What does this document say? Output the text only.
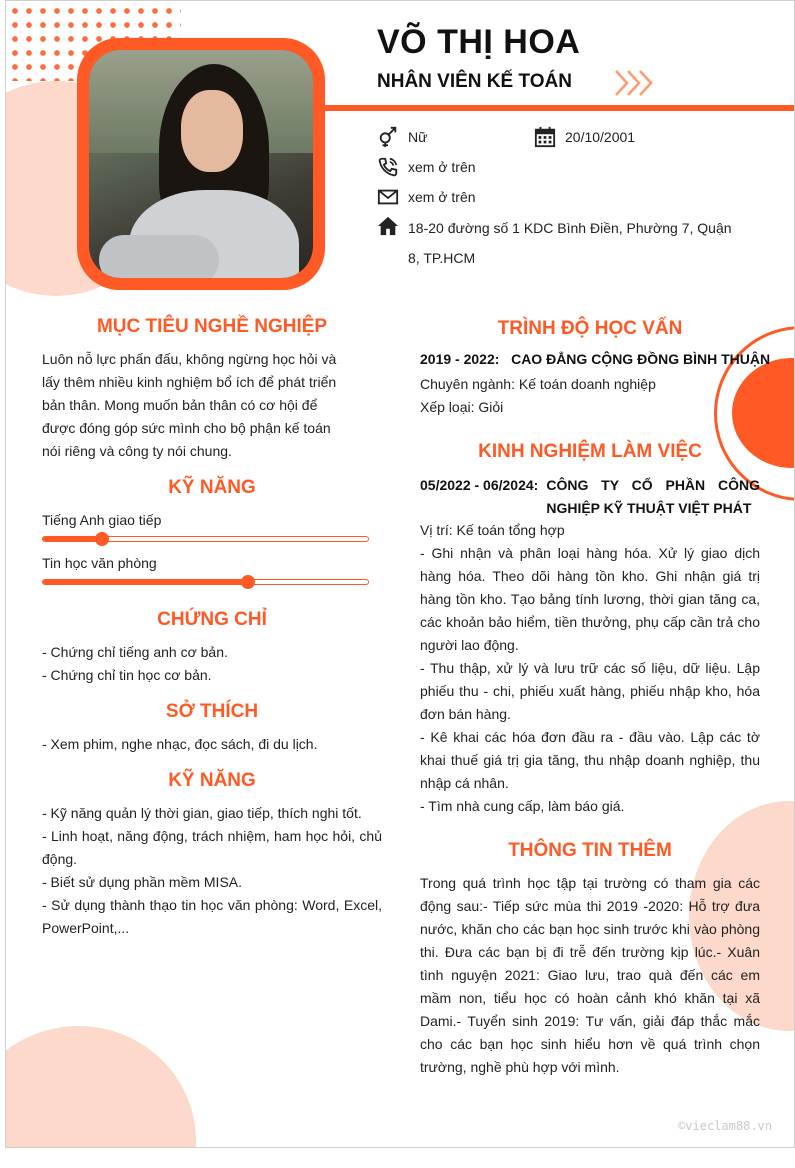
VÕ THỊ HOA
NHÂN VIÊN KẾ TOÁN
Nữ	20/10/2001
xem ở trên
xem ở trên
18-20 đường số 1 KDC Bình Điền, Phường 7, Quận 8, TP.HCM
MỤC TIÊU NGHỀ NGHIỆP
Luôn nỗ lực phấn đấu, không ngừng học hỏi và lấy thêm nhiều kinh nghiệm bổ ích để phát triển bản thân. Mong muốn bản thân có cơ hội để được đóng góp sức mình cho bộ phận kế toán nói riêng và công ty nói chung.
KỸ NĂNG
Tiếng Anh giao tiếp
Tin học văn phòng
CHỨNG CHỈ
- Chứng chỉ tiếng anh cơ bản.
- Chứng chỉ tin học cơ bản.
SỞ THÍCH
- Xem phim, nghe nhạc, đọc sách, đi du lịch.
KỸ NĂNG
- Kỹ năng quản lý thời gian, giao tiếp, thích nghi tốt.
- Linh hoạt, năng động, trách nhiệm, ham học hỏi, chủ động.
- Biết sử dụng phần mềm MISA.
- Sử dụng thành thạo tin học văn phòng: Word, Excel, PowerPoint,...
TRÌNH ĐỘ HỌC VẤN
2019 - 2022: CAO ĐẲNG CỘNG ĐỒNG BÌNH THUẬN
Chuyên ngành: Kế toán doanh nghiệp
Xếp loại: Giỏi
KINH NGHIỆM LÀM VIỆC
05/2022 - 06/2024: CÔNG TY CỔ PHẦN CÔNG NGHIỆP KỸ THUẬT VIỆT PHÁT
Vị trí: Kế toán tổng hợp
- Ghi nhận và phân loại hàng hóa. Xử lý giao dịch hàng hóa. Theo dõi hàng tồn kho. Ghi nhận giá trị hàng tồn kho. Tạo bảng tính lương, thời gian tăng ca, các khoản bảo hiểm, tiền thưởng, phụ cấp cần trả cho người lao động.
- Thu thập, xử lý và lưu trữ các số liệu, dữ liệu. Lập phiếu thu - chi, phiếu xuất hàng, phiếu nhập kho, hóa đơn bán hàng.
- Kê khai các hóa đơn đầu ra - đầu vào. Lập các tờ khai thuế giá trị gia tăng, thu nhập doanh nghiệp, thu nhập cá nhân.
- Tìm nhà cung cấp, làm báo giá.
THÔNG TIN THÊM
Trong quá trình học tập tại trường có tham gia các động sau:- Tiếp sức mùa thi 2019 -2020: Hỗ trợ đưa nước, khăn cho các bạn học sinh trước khi vào phòng thi. Đưa các bạn bị đi trễ đến trường kịp lúc.- Xuân tình nguyện 2021: Giao lưu, trao quà đến các em mầm non, tiểu học có hoàn cảnh khó khăn tại xã Dami.- Tuyển sinh 2019: Tư vấn, giải đáp thắc mắc cho các bạn học sinh hiểu hơn về quá trình chọn trường, nghề phù hợp với mình.
©vieclam88.vn
